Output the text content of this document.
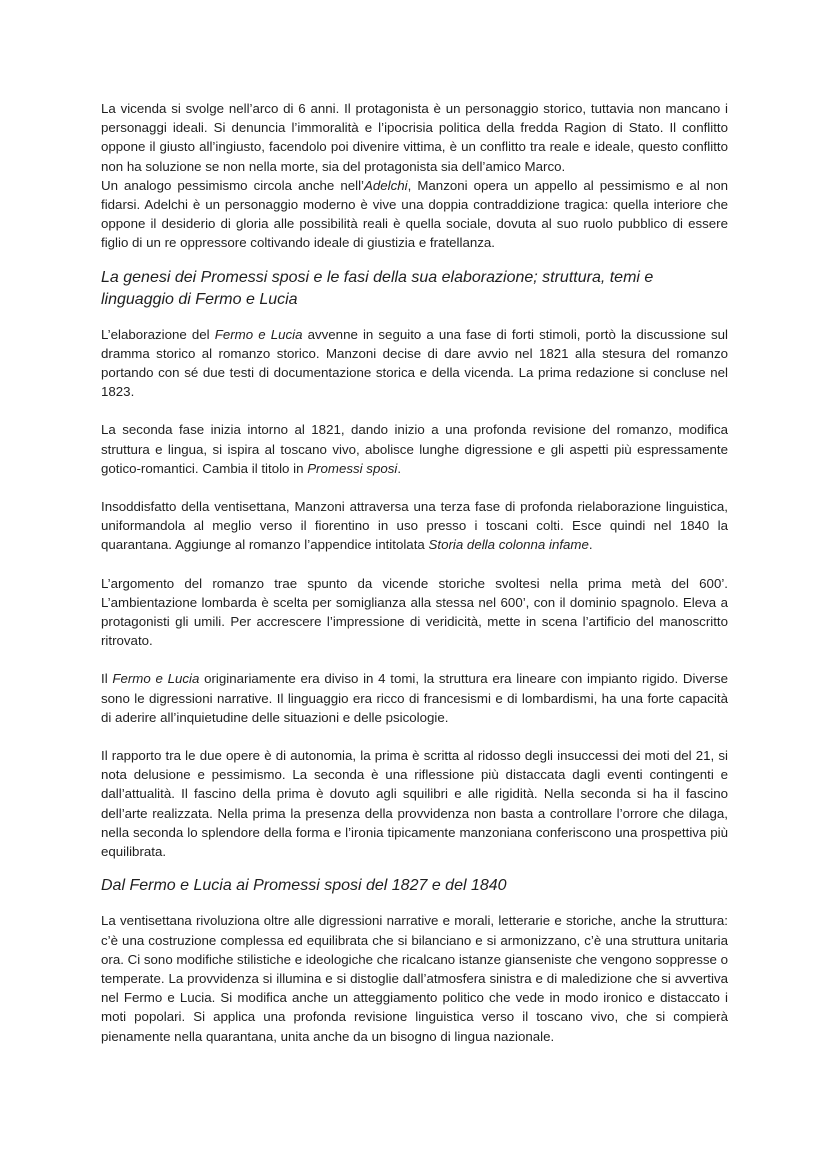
La vicenda si svolge nell’arco di 6 anni. Il protagonista è un personaggio storico, tuttavia non mancano i personaggi ideali. Si denuncia l’immoralità e l’ipocrisia politica della fredda Ragion di Stato. Il conflitto oppone il giusto all’ingiusto, facendolo poi divenire vittima, è un conflitto tra reale e ideale, questo conflitto non ha soluzione se non nella morte, sia del protagonista sia dell’amico Marco.

Un analogo pessimismo circola anche nell’Adelchi, Manzoni opera un appello al pessimismo e al non fidarsi. Adelchi è un personaggio moderno è vive una doppia contraddizione tragica: quella interiore che oppone il desiderio di gloria alle possibilità reali è quella sociale, dovuta al suo ruolo pubblico di essere figlio di un re oppressore coltivando ideale di giustizia e fratellanza.

La genesi dei Promessi sposi e le fasi della sua elaborazione; struttura, temi e linguaggio di Fermo e Lucia

L’elaborazione del Fermo e Lucia avvenne in seguito a una fase di forti stimoli, portò la discussione sul dramma storico al romanzo storico. Manzoni decise di dare avvio nel 1821 alla stesura del romanzo portando con sé due testi di documentazione storica e della vicenda. La prima redazione si concluse nel 1823.

La seconda fase inizia intorno al 1821, dando inizio a una profonda revisione del romanzo, modifica struttura e lingua, si ispira al toscano vivo, abolisce lunghe digressione e gli aspetti più espressamente gotico-romantici. Cambia il titolo in Promessi sposi.

Insoddisfatto della ventisettana, Manzoni attraversa una terza fase di profonda rielaborazione linguistica, uniformandola al meglio verso il fiorentino in uso presso i toscani colti. Esce quindi nel 1840 la quarantana. Aggiunge al romanzo l’appendice intitolata Storia della colonna infame.

L’argomento del romanzo trae spunto da vicende storiche svoltesi nella prima metà del 600’. L’ambientazione lombarda è scelta per somiglianza alla stessa nel 600’, con il dominio spagnolo. Eleva a protagonisti gli umili. Per accrescere l’impressione di veridicità, mette in scena l’artificio del manoscritto ritrovato.

Il Fermo e Lucia originariamente era diviso in 4 tomi, la struttura era lineare con impianto rigido. Diverse sono le digressioni narrative. Il linguaggio era ricco di francesismi e di lombardismi, ha una forte capacità di aderire all’inquietudine delle situazioni e delle psicologie.

Il rapporto tra le due opere è di autonomia, la prima è scritta al ridosso degli insuccessi dei moti del 21, si nota delusione e pessimismo. La seconda è una riflessione più distaccata dagli eventi contingenti e dall’attualità. Il fascino della prima è dovuto agli squilibri e alle rigidità. Nella seconda si ha il fascino dell’arte realizzata. Nella prima la presenza della provvidenza non basta a controllare l’orrore che dilaga, nella seconda lo splendore della forma e l’ironia tipicamente manzoniana conferiscono una prospettiva più equilibrata.

Dal Fermo e Lucia ai Promessi sposi del 1827 e del 1840

La ventisettana rivoluziona oltre alle digressioni narrative e morali, letterarie e storiche, anche la struttura: c’è una costruzione complessa ed equilibrata che si bilanciano e si armonizzano, c’è una struttura unitaria ora. Ci sono modifiche stilistiche e ideologiche che ricalcano istanze gianseniste che vengono soppresse o temperate. La provvidenza si illumina e si distoglie dall’atmosfera sinistra e di maledizione che si avvertiva nel Fermo e Lucia. Si modifica anche un atteggiamento politico che vede in modo ironico e distaccato i moti popolari. Si applica una profonda revisione linguistica verso il toscano vivo, che si compierà pienamente nella quarantana, unita anche da un bisogno di lingua nazionale.
